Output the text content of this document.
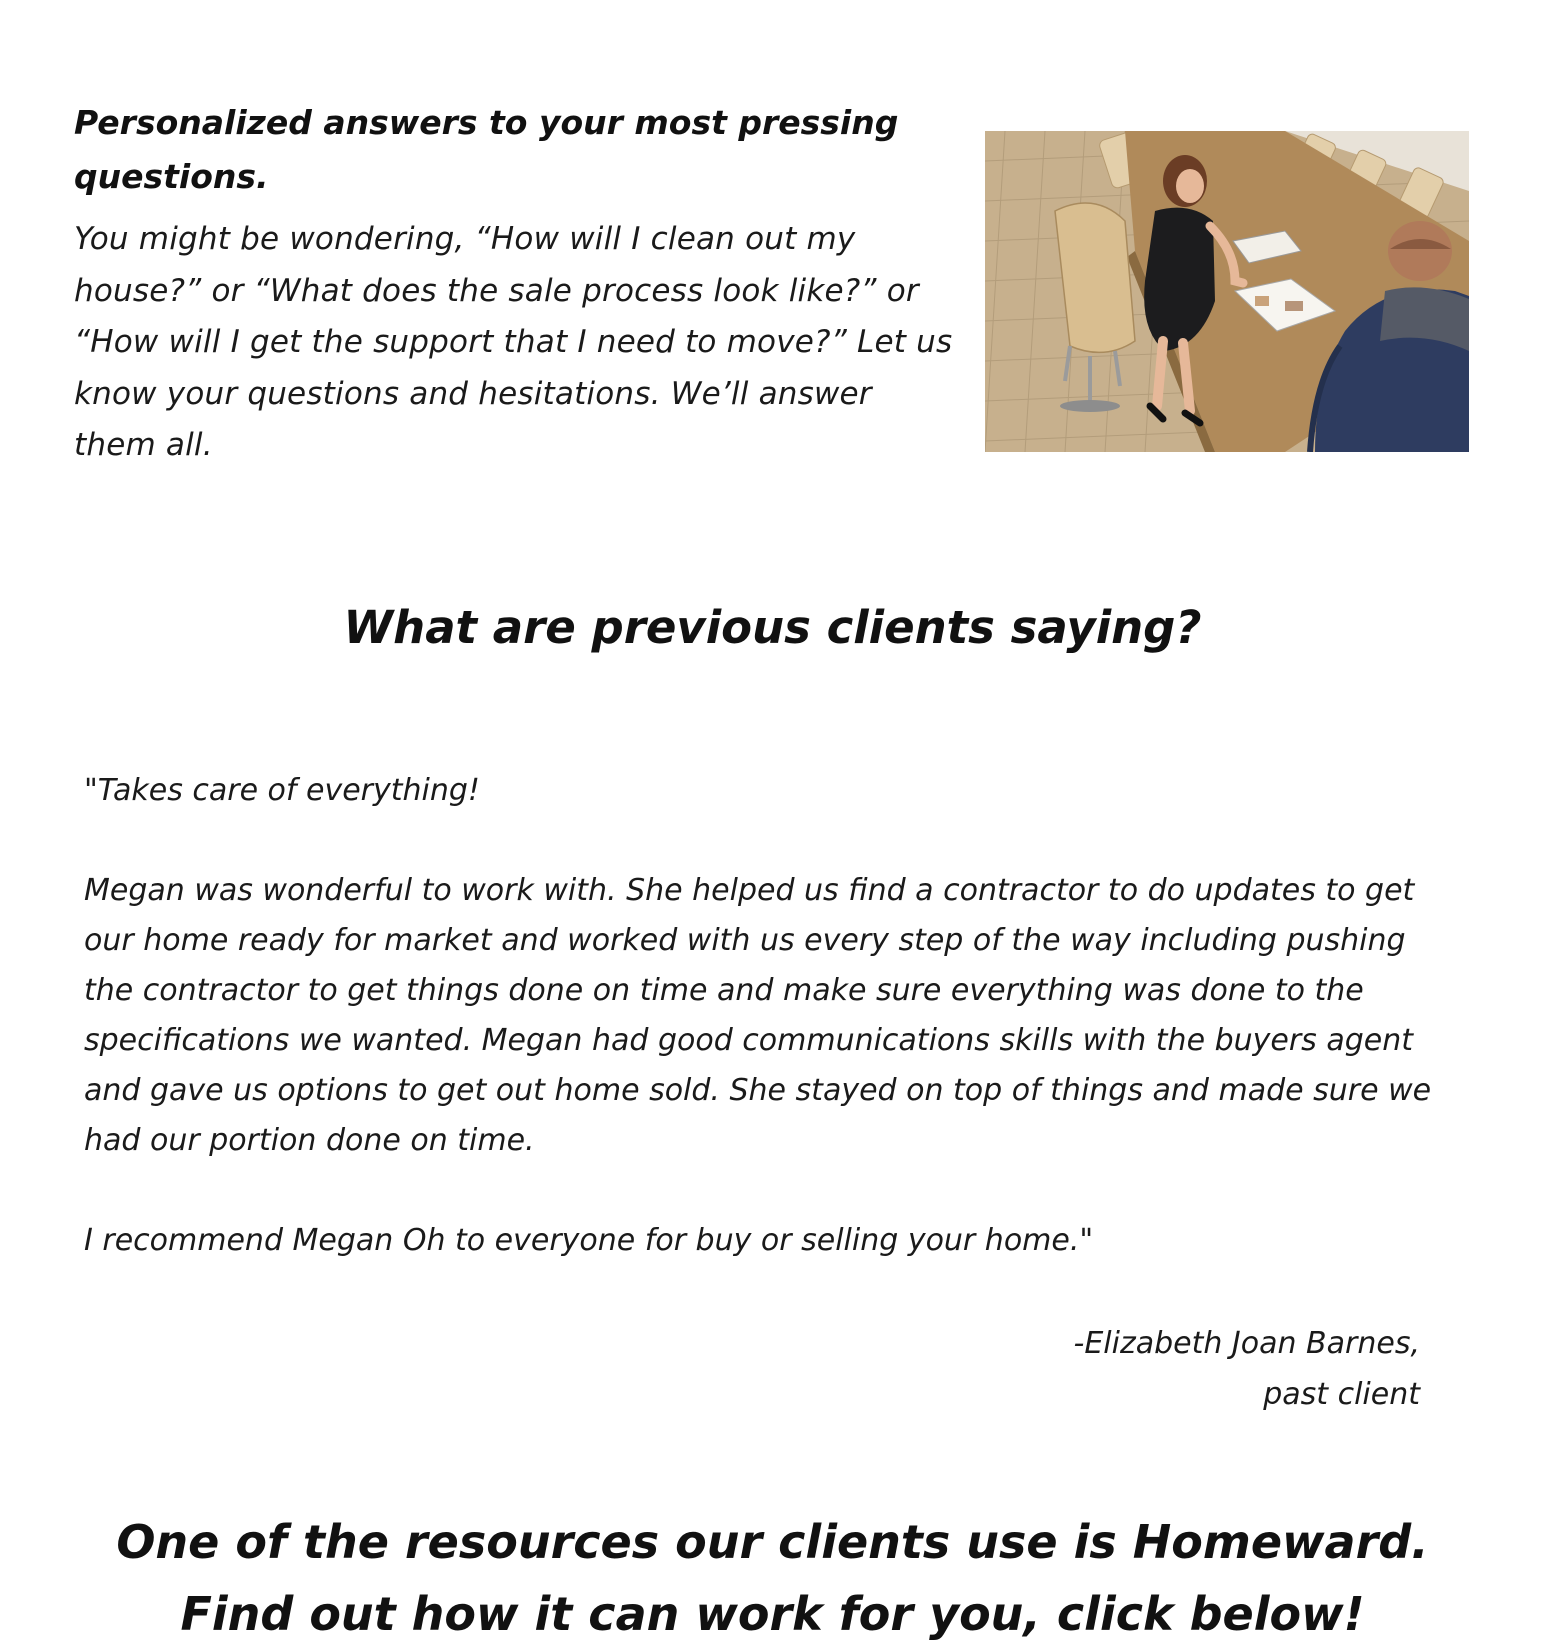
Personalized answers to your most pressing questions.

You might be wondering, “How will I clean out my house?” or “What does the sale process look like?” or “How will I get the support that I need to move?” Let us know your questions and hesitations. We’ll answer them all.

What are previous clients saying?

"Takes care of everything!

Megan was wonderful to work with. She helped us find a contractor to do updates to get our home ready for market and worked with us every step of the way including pushing the contractor to get things done on time and make sure everything was done to the specifications we wanted. Megan had good communications skills with the buyers agent and gave us options to get out home sold. She stayed on top of things and made sure we had our portion done on time.

I recommend Megan Oh to everyone for buy or selling your home."

-Elizabeth Joan Barnes,
past client
One of the resources our clients use is Homeward.
Find out how it can work for you, click below!
